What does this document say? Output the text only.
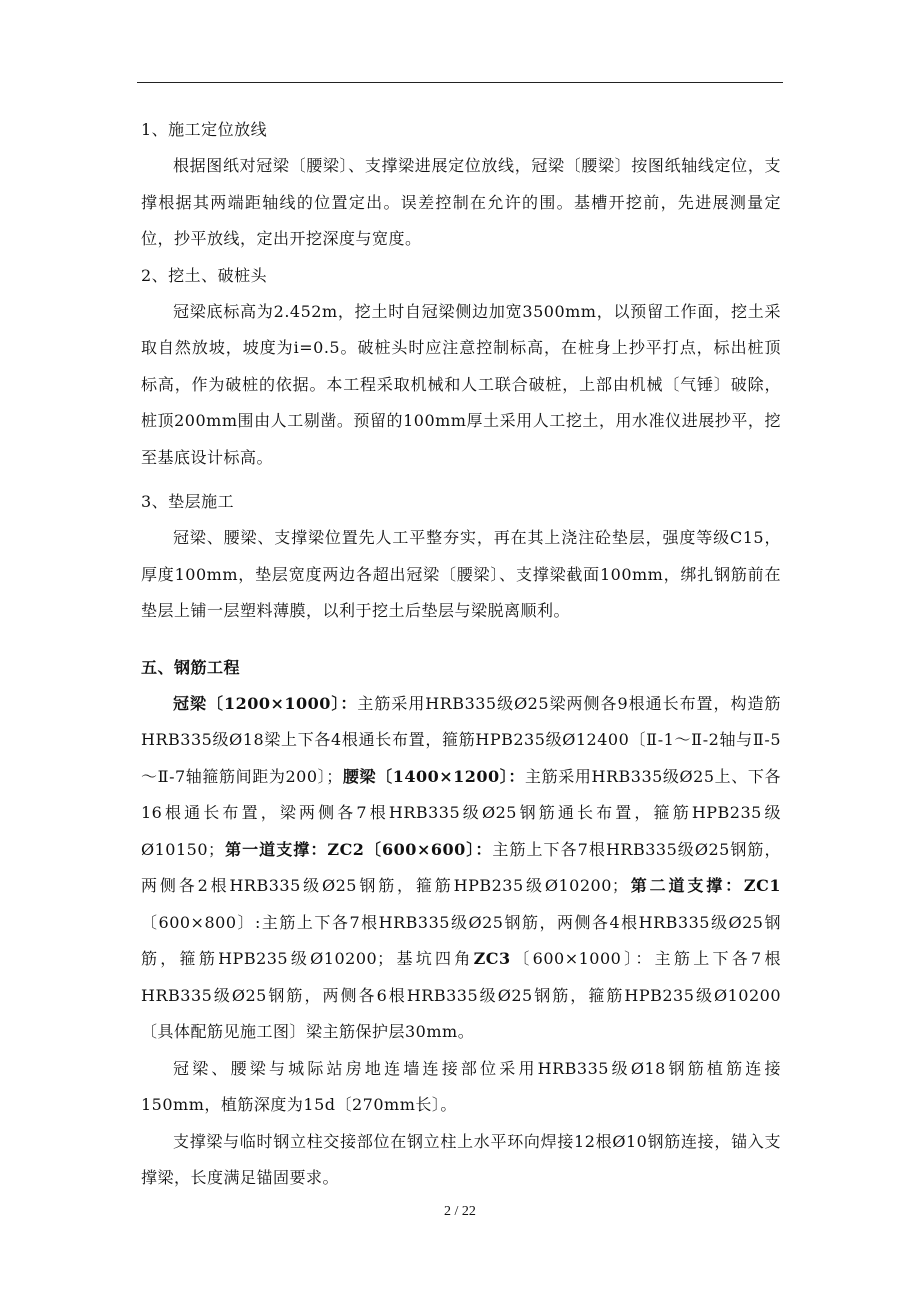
1、施工定位放线

根据图纸对冠梁〔腰梁〕、支撑梁进展定位放线，冠梁〔腰梁〕按图纸轴线定位，支撑根据其两端距轴线的位置定出。误差控制在允许的围。基槽开挖前，先进展测量定位，抄平放线，定出开挖深度与宽度。

2、挖土、破桩头

冠梁底标高为2.452m，挖土时自冠梁侧边加宽3500mm，以预留工作面，挖土采取自然放坡，坡度为i=0.5。破桩头时应注意控制标高，在桩身上抄平打点，标出桩顶标高，作为破桩的依据。本工程采取机械和人工联合破桩，上部由机械〔气锤〕破除，桩顶200mm围由人工剔凿。预留的100mm厚土采用人工挖土，用水准仪进展抄平，挖至基底设计标高。

3、垫层施工

冠梁、腰梁、支撑梁位置先人工平整夯实，再在其上浇注砼垫层，强度等级C15，厚度100mm，垫层宽度两边各超出冠梁〔腰梁〕、支撑梁截面100mm，绑扎钢筋前在垫层上铺一层塑料薄膜，以利于挖土后垫层与梁脱离顺利。

五、钢筋工程

冠梁〔1200×1000〕：主筋采用HRB335级Ø25梁两侧各9根通长布置，构造筋HRB335级Ø18梁上下各4根通长布置，箍筋HPB235级Ø12400〔Ⅱ-1～Ⅱ-2轴与Ⅱ-5～Ⅱ-7轴箍筋间距为200〕；腰梁〔1400×1200〕：主筋采用HRB335级Ø25上、下各16根通长布置，梁两侧各7根HRB335级Ø25钢筋通长布置，箍筋HPB235级Ø10150；第一道支撑：ZC2〔600×600〕：主筋上下各7根HRB335级Ø25钢筋，两侧各2根HRB335级Ø25钢筋，箍筋HPB235级Ø10200；第二道支撑：ZC1〔600×800〕:主筋上下各7根HRB335级Ø25钢筋，两侧各4根HRB335级Ø25钢筋，箍筋HPB235级Ø10200；基坑四角ZC3〔600×1000〕：主筋上下各7根HRB335级Ø25钢筋，两侧各6根HRB335级Ø25钢筋，箍筋HPB235级Ø10200〔具体配筋见施工图〕梁主筋保护层30mm。

冠梁、腰梁与城际站房地连墙连接部位采用HRB335级Ø18钢筋植筋连接150mm，植筋深度为15d〔270mm长〕。

支撑梁与临时钢立柱交接部位在钢立柱上水平环向焊接12根Ø10钢筋连接，锚入支撑梁，长度满足锚固要求。

2 / 22
